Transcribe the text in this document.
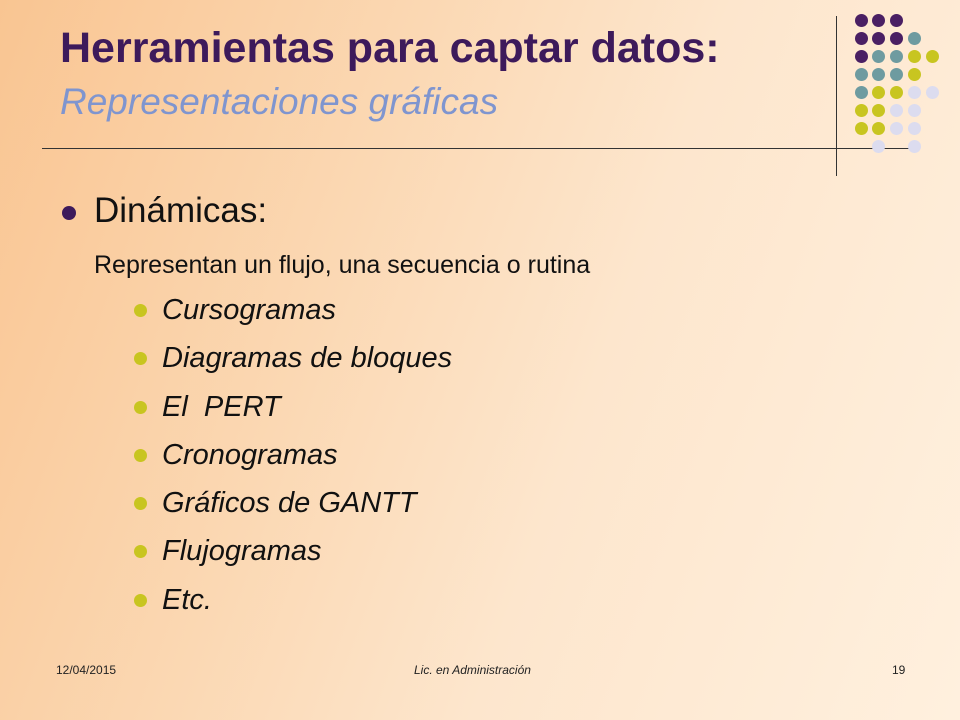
Herramientas para captar datos: Representaciones gráficas
Dinámicas:

Representan un flujo, una secuencia o rutina

Cursogramas
Diagramas de bloques
El  PERT
Cronogramas
Gráficos de GANTT
Flujogramas
Etc.
12/04/2015	Lic. en Administración	19
